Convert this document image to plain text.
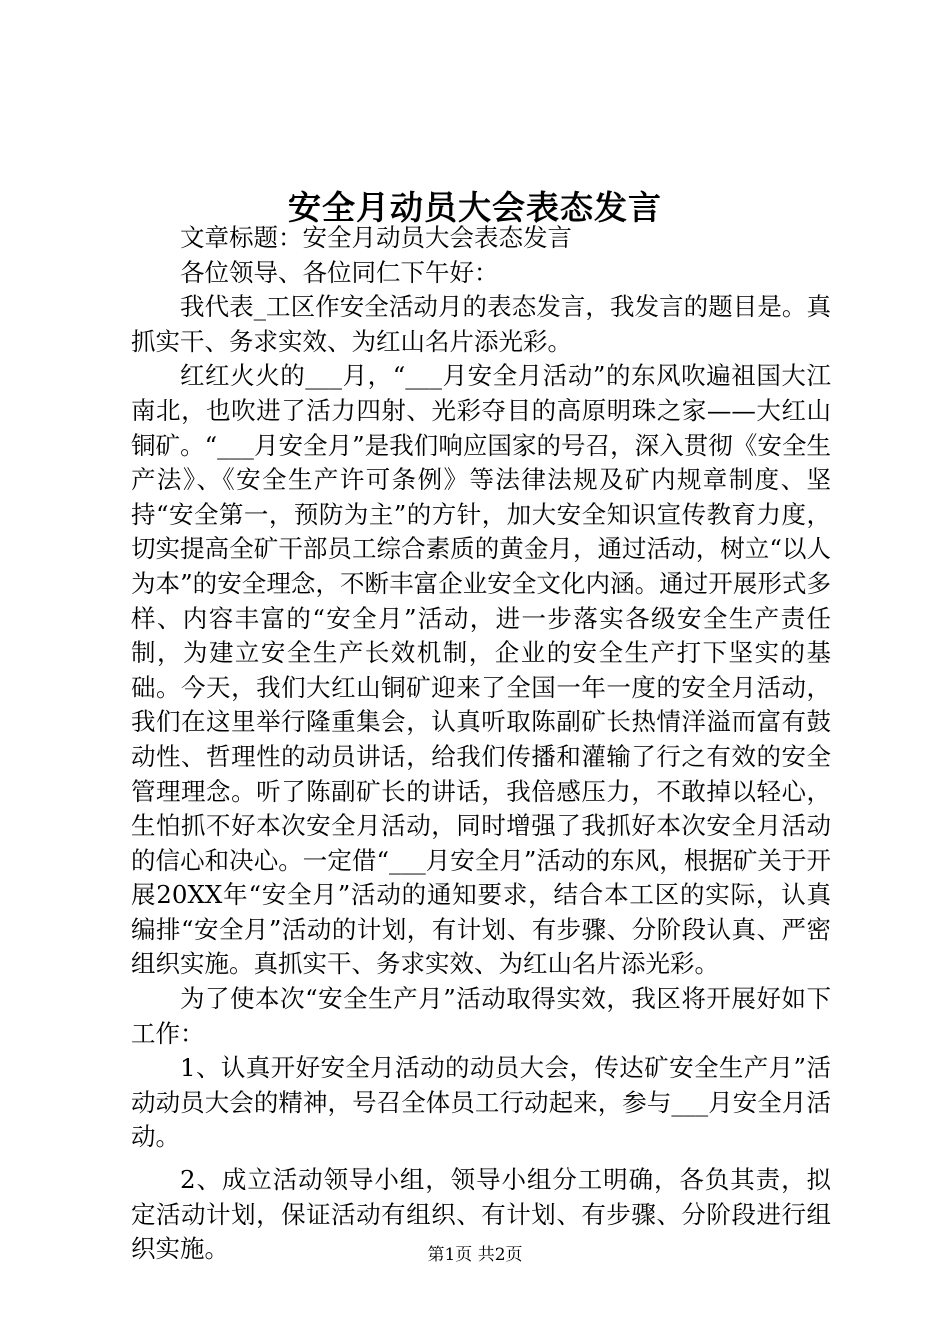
安全月动员大会表态发言

文章标题：安全月动员大会表态发言

各位领导、各位同仁下午好：

我代表_工区作安全活动月的表态发言，我发言的题目是。真抓实干、务求实效、为红山名片添光彩。

红红火火的___月，“___月安全月活动”的东风吹遍祖国大江南北，也吹进了活力四射、光彩夺目的高原明珠之家——大红山铜矿。“___月安全月”是我们响应国家的号召，深入贯彻《安全生产法》、《安全生产许可条例》等法律法规及矿内规章制度、坚持“安全第一，预防为主”的方针，加大安全知识宣传教育力度，切实提高全矿干部员工综合素质的黄金月，通过活动，树立“以人为本”的安全理念，不断丰富企业安全文化内涵。通过开展形式多样、内容丰富的“安全月”活动，进一步落实各级安全生产责任制，为建立安全生产长效机制，企业的安全生产打下坚实的基础。今天，我们大红山铜矿迎来了全国一年一度的安全月活动，我们在这里举行隆重集会，认真听取陈副矿长热情洋溢而富有鼓动性、哲理性的动员讲话，给我们传播和灌输了行之有效的安全管理理念。听了陈副矿长的讲话，我倍感压力，不敢掉以轻心，生怕抓不好本次安全月活动，同时增强了我抓好本次安全月活动的信心和决心。一定借“___月安全月”活动的东风，根据矿关于开展20XX年“安全月”活动的通知要求，结合本工区的实际，认真编排“安全月”活动的计划，有计划、有步骤、分阶段认真、严密组织实施。真抓实干、务求实效、为红山名片添光彩。

为了使本次“安全生产月”活动取得实效，我区将开展好如下工作：

1、认真开好安全月活动的动员大会，传达矿安全生产月”活动动员大会的精神，号召全体员工行动起来，参与___月安全月活动。

2、成立活动领导小组，领导小组分工明确，各负其责，拟定活动计划，保证活动有组织、有计划、有步骤、分阶段进行组织实施。	第1页 共2页
